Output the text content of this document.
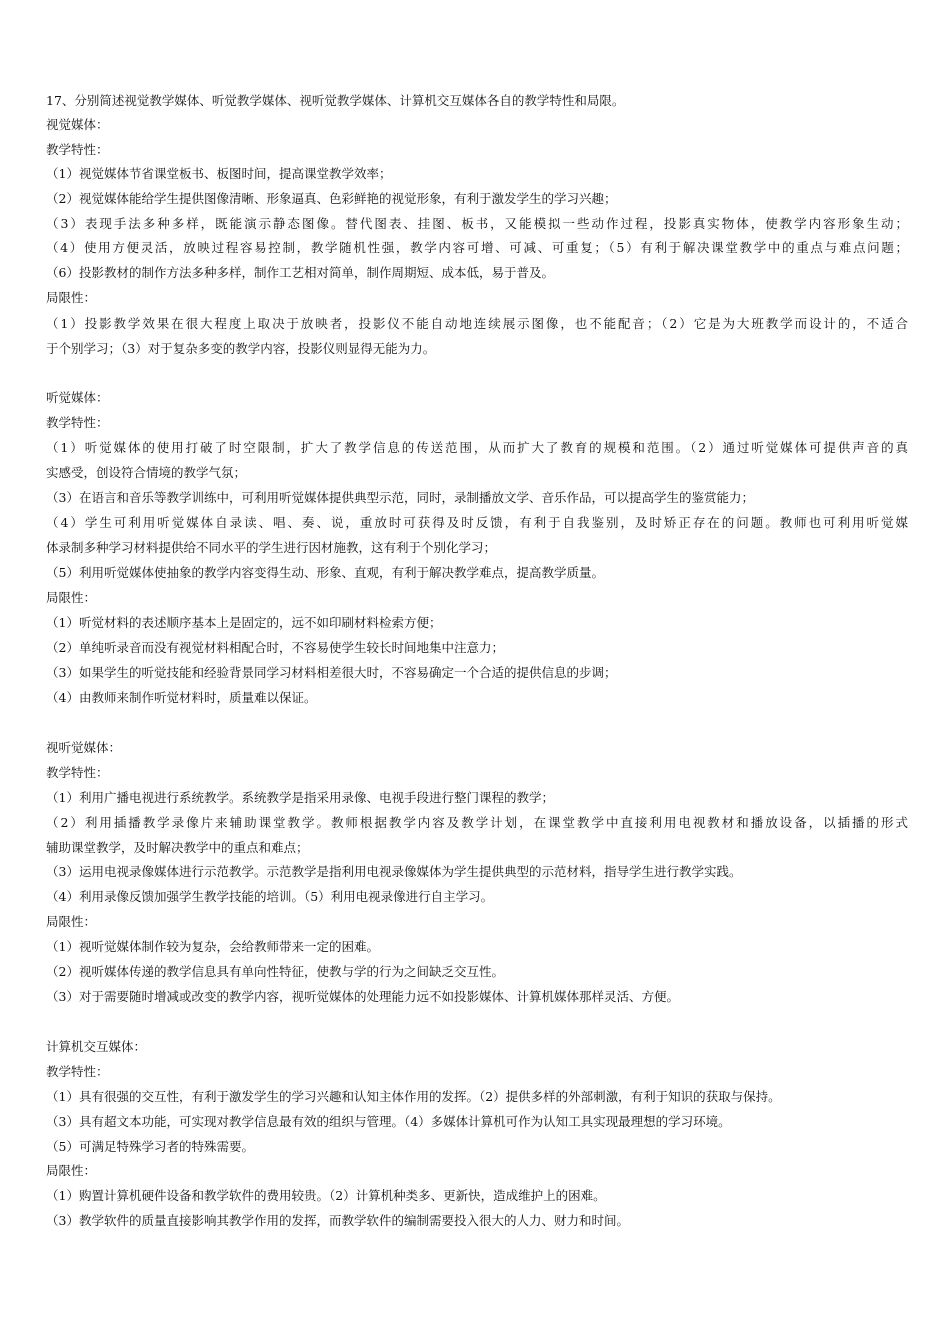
17、分别简述视觉教学媒体、听觉教学媒体、视听觉教学媒体、计算机交互媒体各自的教学特性和局限。
视觉媒体：
教学特性：
（1）视觉媒体节省课堂板书、板图时间，提高课堂教学效率；
（2）视觉媒体能给学生提供图像清晰、形象逼真、色彩鲜艳的视觉形象，有利于激发学生的学习兴趣；
（3）表现手法多种多样，既能演示静态图像。替代图表、挂图、板书，又能模拟一些动作过程，投影真实物体，使教学内容形象生动；
（4）使用方便灵活，放映过程容易控制，教学随机性强，教学内容可增、可减、可重复；（5）有利于解决课堂教学中的重点与难点问题；
（6）投影教材的制作方法多种多样，制作工艺相对简单，制作周期短、成本低，易于普及。
局限性：
（1）投影教学效果在很大程度上取决于放映者，投影仪不能自动地连续展示图像，也不能配音；（2）它是为大班教学而设计的，不适合
于个别学习；（3）对于复杂多变的教学内容，投影仪则显得无能为力。
听觉媒体：
教学特性：
（1）听觉媒体的使用打破了时空限制，扩大了教学信息的传送范围，从而扩大了教育的规模和范围。（2）通过听觉媒体可提供声音的真
实感受，创设符合情境的教学气氛；
（3）在语言和音乐等教学训练中，可利用听觉媒体提供典型示范，同时，录制播放文学、音乐作品，可以提高学生的鉴赏能力；
（4）学生可利用听觉媒体自录读、唱、奏、说，重放时可获得及时反馈，有利于自我鉴别，及时矫正存在的问题。教师也可利用听觉媒
体录制多种学习材料提供给不同水平的学生进行因材施教，这有利于个别化学习；
（5）利用听觉媒体使抽象的教学内容变得生动、形象、直观，有利于解决教学难点，提高教学质量。
局限性：
（1）听觉材料的表述顺序基本上是固定的，远不如印刷材料检索方便；
（2）单纯听录音而没有视觉材料相配合时，不容易使学生较长时间地集中注意力；
（3）如果学生的听觉技能和经验背景同学习材料相差很大时，不容易确定一个合适的提供信息的步调；
（4）由教师来制作听觉材料时，质量难以保证。
视听觉媒体：
教学特性：
（1）利用广播电视进行系统教学。系统教学是指采用录像、电视手段进行整门课程的教学；
（2）利用插播教学录像片来辅助课堂教学。教师根据教学内容及教学计划，在课堂教学中直接利用电视教材和播放设备，以插播的形式
辅助课堂教学，及时解决教学中的重点和难点；
（3）运用电视录像媒体进行示范教学。示范教学是指利用电视录像媒体为学生提供典型的示范材料，指导学生进行教学实践。
（4）利用录像反馈加强学生教学技能的培训。（5）利用电视录像进行自主学习。
局限性：
（1）视听觉媒体制作较为复杂，会给教师带来一定的困难。
（2）视听媒体传递的教学信息具有单向性特征，使教与学的行为之间缺乏交互性。
（3）对于需要随时增减或改变的教学内容，视听觉媒体的处理能力远不如投影媒体、计算机媒体那样灵活、方便。
计算机交互媒体：
教学特性：
（1）具有很强的交互性，有利于激发学生的学习兴趣和认知主体作用的发挥。（2）提供多样的外部刺激，有利于知识的获取与保持。
（3）具有超文本功能，可实现对教学信息最有效的组织与管理。（4）多媒体计算机可作为认知工具实现最理想的学习环境。
（5）可满足特殊学习者的特殊需要。
局限性：
（1）购置计算机硬件设备和教学软件的费用较贵。（2）计算机种类多、更新快，造成维护上的困难。
（3）教学软件的质量直接影响其教学作用的发挥，而教学软件的编制需要投入很大的人力、财力和时间。
